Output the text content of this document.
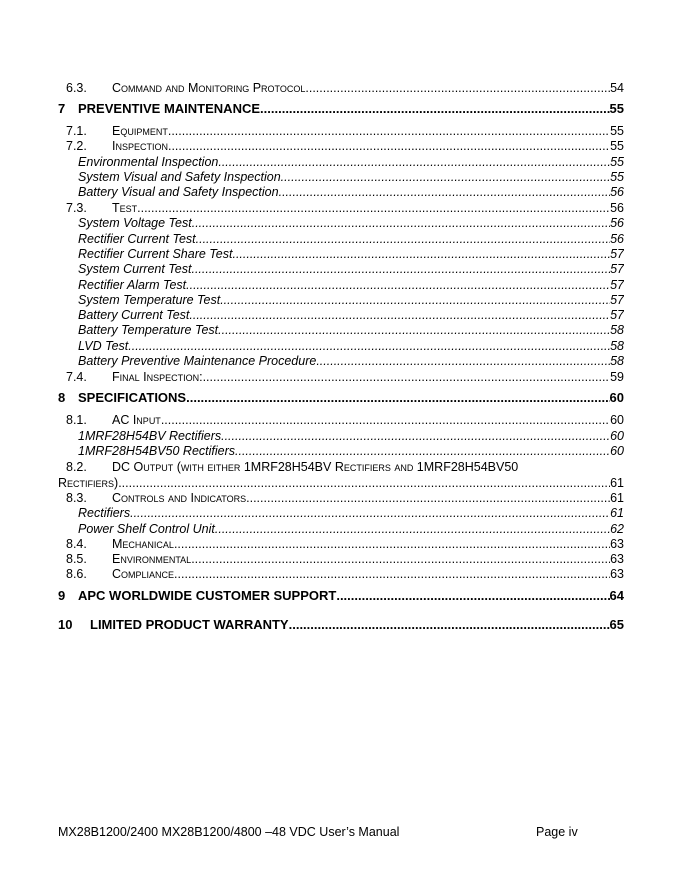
6.3. Command and Monitoring Protocol .....	54
7 PREVENTIVE MAINTENANCE .....	55
7.1. Equipment .....	55
7.2. Inspection .....	55
Environmental Inspection .....	55
System Visual and Safety Inspection .....	55
Battery Visual and Safety Inspection .....	56
7.3. Test .....	56
System Voltage Test .....	56
Rectifier Current Test .....	56
Rectifier Current Share Test .....	57
System Current Test .....	57
Rectifier Alarm Test .....	57
System Temperature Test .....	57
Battery Current Test .....	57
Battery Temperature Test .....	58
LVD Test .....	58
Battery Preventive Maintenance Procedure .....	58
7.4. Final Inspection: .....	59
8 SPECIFICATIONS .....	60
8.1. AC Input .....	60
1MRF28H54BV Rectifiers .....	60
1MRF28H54BV50 Rectifiers .....	60
8.2. DC Output (with either 1MRF28H54BV Rectifiers and 1MRF28H54BV50
Rectifiers) .....	61
8.3. Controls and Indicators .....	61
Rectifiers .....	61
Power Shelf Control Unit .....	62
8.4. Mechanical .....	63
8.5. Environmental .....	63
8.6. Compliance .....	63
9 APC WORLDWIDE CUSTOMER SUPPORT .....	64
10 LIMITED PRODUCT WARRANTY .....	65
MX28B1200/2400 MX28B1200/4800 –48 VDC User’s Manual	Page iv
